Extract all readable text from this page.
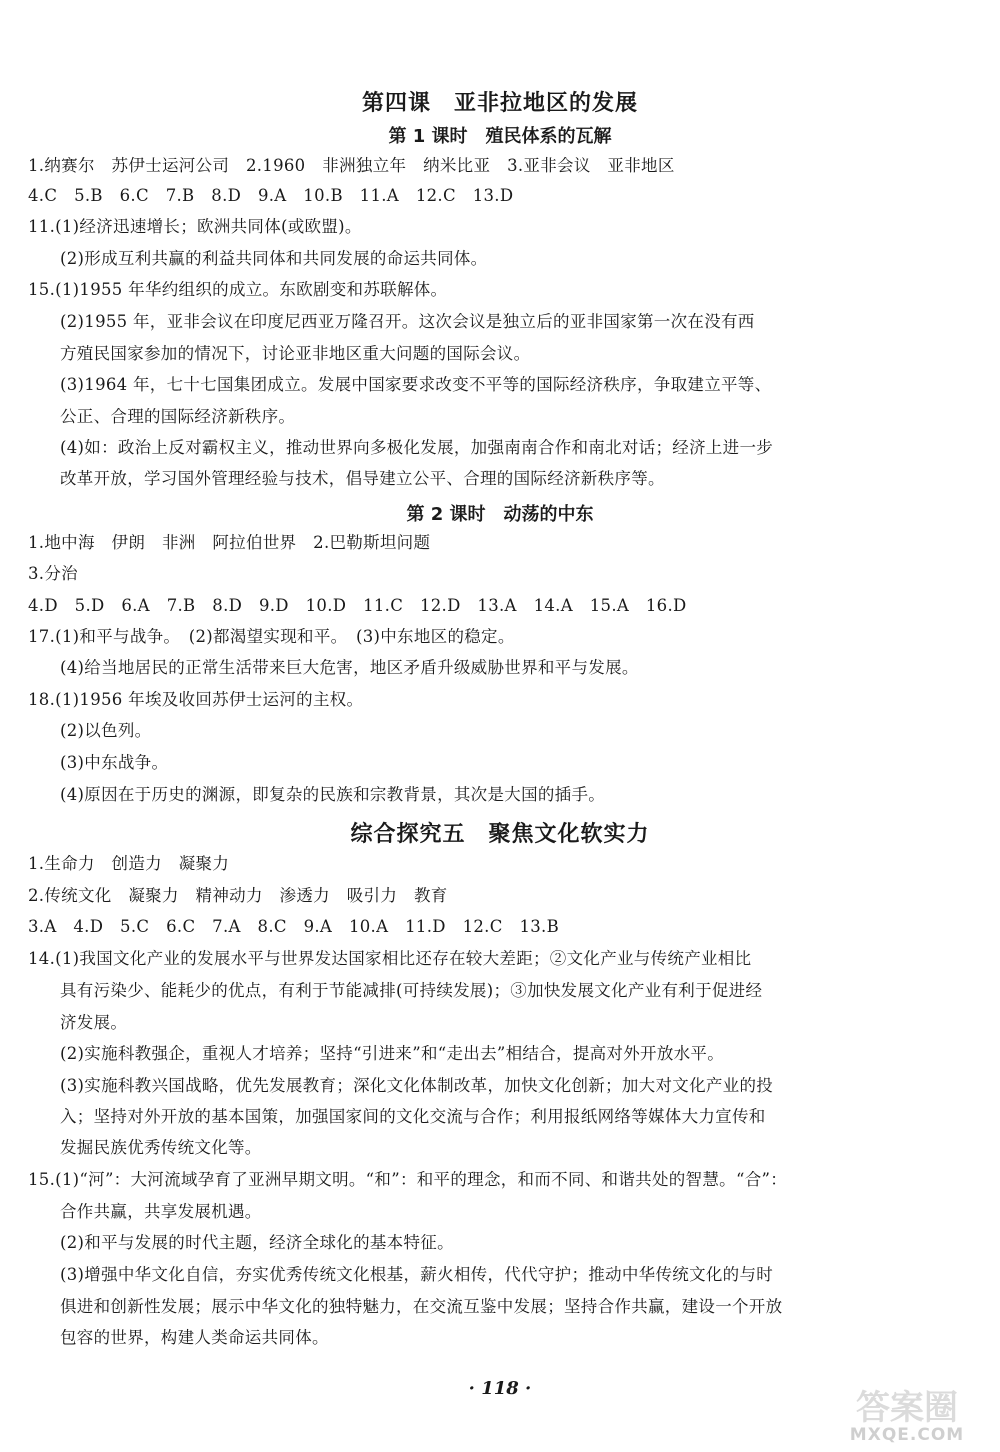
第四课　亚非拉地区的发展
第 1 课时　殖民体系的瓦解
1.纳赛尔　苏伊士运河公司　2.1960　非洲独立年　纳米比亚　3.亚非会议　亚非地区
4.C　5.B　6.C　7.B　8.D　9.A　10.B　11.A　12.C　13.D
11.(1)经济迅速增长；欧洲共同体(或欧盟)。
(2)形成互利共赢的利益共同体和共同发展的命运共同体。
15.(1)1955 年华约组织的成立。东欧剧变和苏联解体。
(2)1955 年，亚非会议在印度尼西亚万隆召开。这次会议是独立后的亚非国家第一次在没有西
方殖民国家参加的情况下，讨论亚非地区重大问题的国际会议。
(3)1964 年，七十七国集团成立。发展中国家要求改变不平等的国际经济秩序，争取建立平等、
公正、合理的国际经济新秩序。
(4)如：政治上反对霸权主义，推动世界向多极化发展，加强南南合作和南北对话；经济上进一步
改革开放，学习国外管理经验与技术，倡导建立公平、合理的国际经济新秩序等。
第 2 课时　动荡的中东
1.地中海　伊朗　非洲　阿拉伯世界　2.巴勒斯坦问题
3.分治
4.D　5.D　6.A　7.B　8.D　9.D　10.D　11.C　12.D　13.A　14.A　15.A　16.D
17.(1)和平与战争。　(2)都渴望实现和平。　(3)中东地区的稳定。
(4)给当地居民的正常生活带来巨大危害，地区矛盾升级威胁世界和平与发展。
18.(1)1956 年埃及收回苏伊士运河的主权。
(2)以色列。
(3)中东战争。
(4)原因在于历史的渊源，即复杂的民族和宗教背景，其次是大国的插手。
综合探究五　聚焦文化软实力
1.生命力　创造力　凝聚力
2.传统文化　凝聚力　精神动力　渗透力　吸引力　教育
3.A　4.D　5.C　6.C　7.A　8.C　9.A　10.A　11.D　12.C　13.B
14.(1)我国文化产业的发展水平与世界发达国家相比还存在较大差距；②文化产业与传统产业相比
具有污染少、能耗少的优点，有利于节能减排(可持续发展)；③加快发展文化产业有利于促进经
济发展。
(2)实施科教强企，重视人才培养；坚持“引进来”和“走出去”相结合，提高对外开放水平。
(3)实施科教兴国战略，优先发展教育；深化文化体制改革，加快文化创新；加大对文化产业的投
入；坚持对外开放的基本国策，加强国家间的文化交流与合作；利用报纸网络等媒体大力宣传和
发掘民族优秀传统文化等。
15.(1)“河”：大河流域孕育了亚洲早期文明。“和”：和平的理念，和而不同、和谐共处的智慧。“合”：
合作共赢，共享发展机遇。
(2)和平与发展的时代主题，经济全球化的基本特征。
(3)增强中华文化自信，夯实优秀传统文化根基，薪火相传，代代守护；推动中华传统文化的与时
俱进和创新性发展；展示中华文化的独特魅力，在交流互鉴中发展；坚持合作共赢，建设一个开放
包容的世界，构建人类命运共同体。
· 118 ·	答案圈
MXQE.COM
